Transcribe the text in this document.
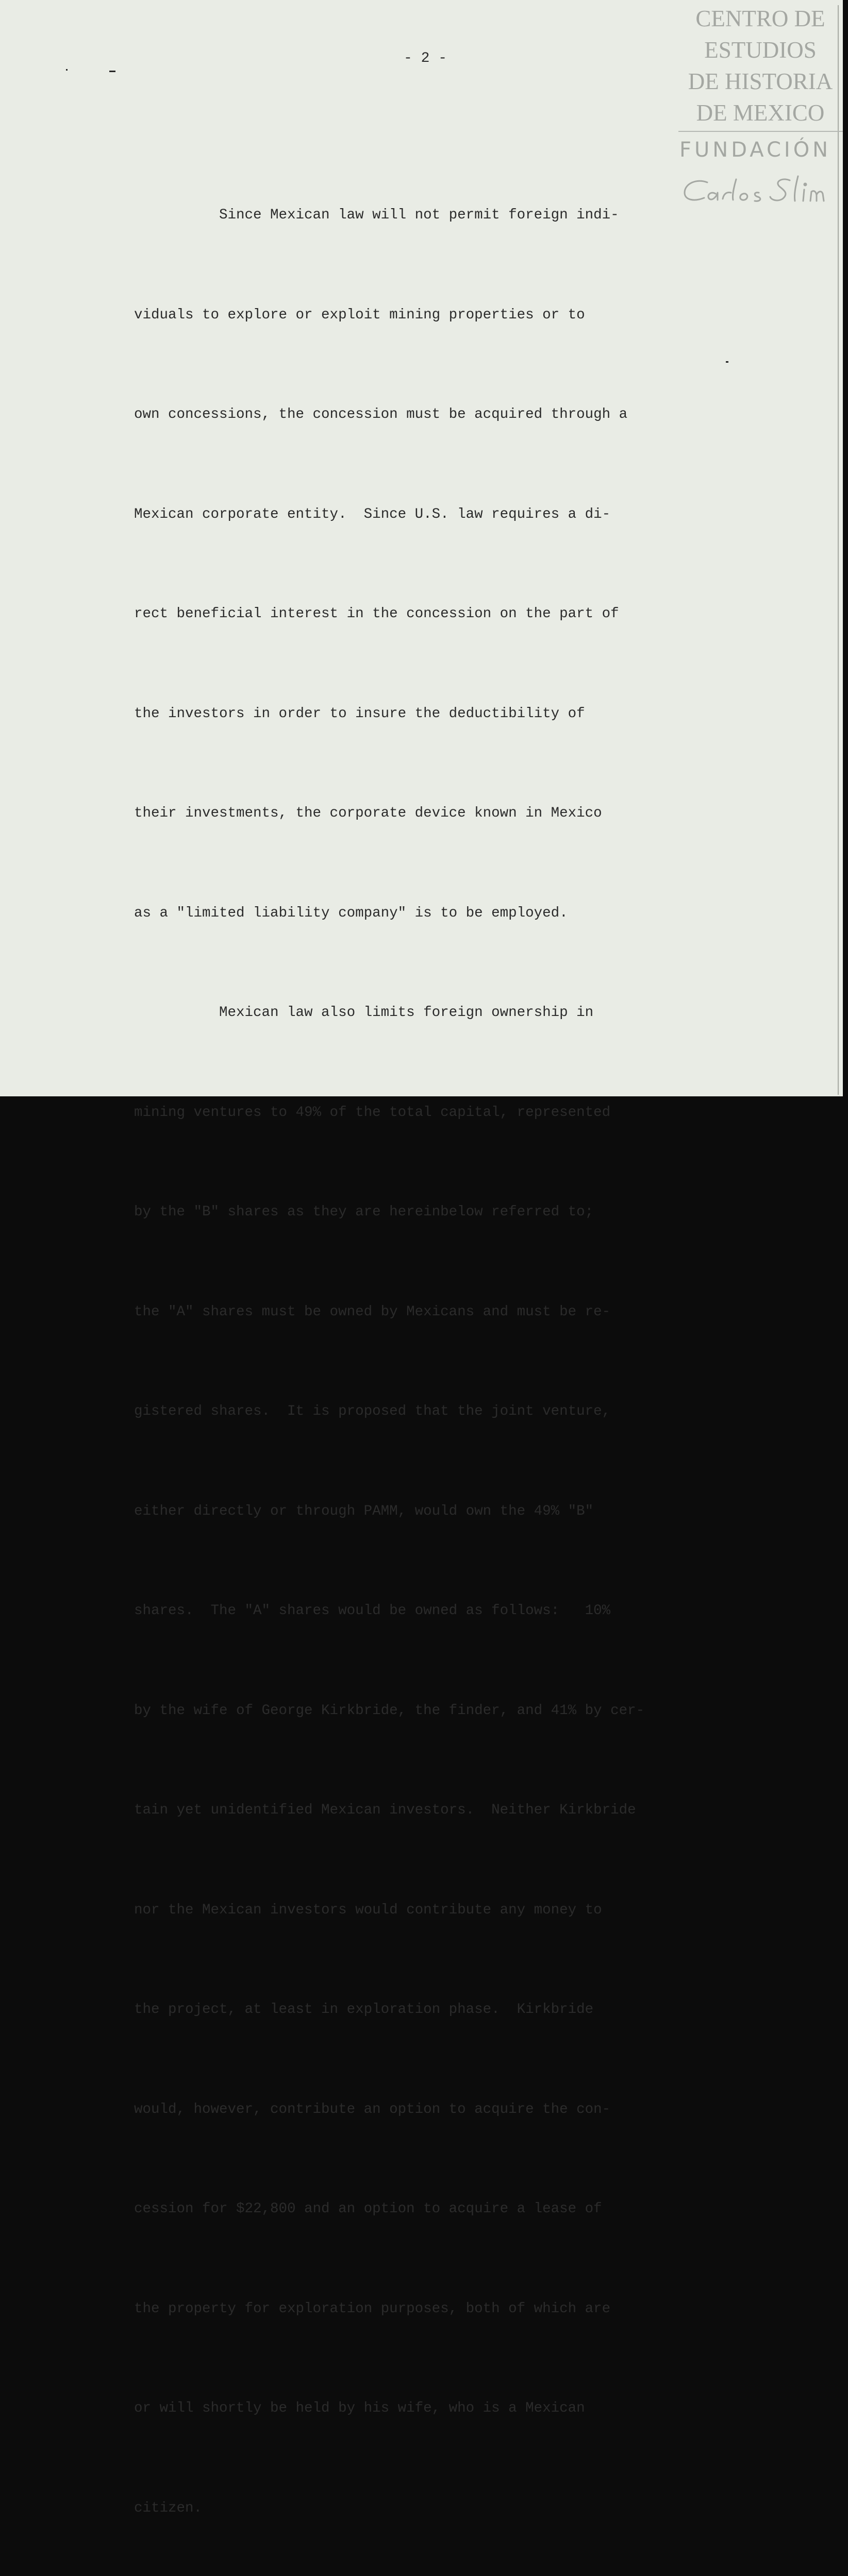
CENTRO DE
ESTUDIOS
DE HISTORIA
DE MEXICO
FUNDACIÓN
- 2 -

Since Mexican law will not permit foreign indi-

viduals to explore or exploit mining properties or to

own concessions, the concession must be acquired through a

Mexican corporate entity.  Since U.S. law requires a di-

rect beneficial interest in the concession on the part of

the investors in order to insure the deductibility of

their investments, the corporate device known in Mexico

as a "limited liability company" is to be employed.

Mexican law also limits foreign ownership in

mining ventures to 49% of the total capital, represented

by the "B" shares as they are hereinbelow referred to;

the "A" shares must be owned by Mexicans and must be re-

gistered shares.  It is proposed that the joint venture,

either directly or through PAMM, would own the 49% "B"

shares.  The "A" shares would be owned as follows:   10%

by the wife of George Kirkbride, the finder, and 41% by cer-

tain yet unidentified Mexican investors.  Neither Kirkbride

nor the Mexican investors would contribute any money to

the project, at least in exploration phase.  Kirkbride

would, however, contribute an option to acquire the con-

cession for $22,800 and an option to acquire a lease of

the property for exploration purposes, both of which are

or will shortly be held by his wife, who is a Mexican

citizen.
